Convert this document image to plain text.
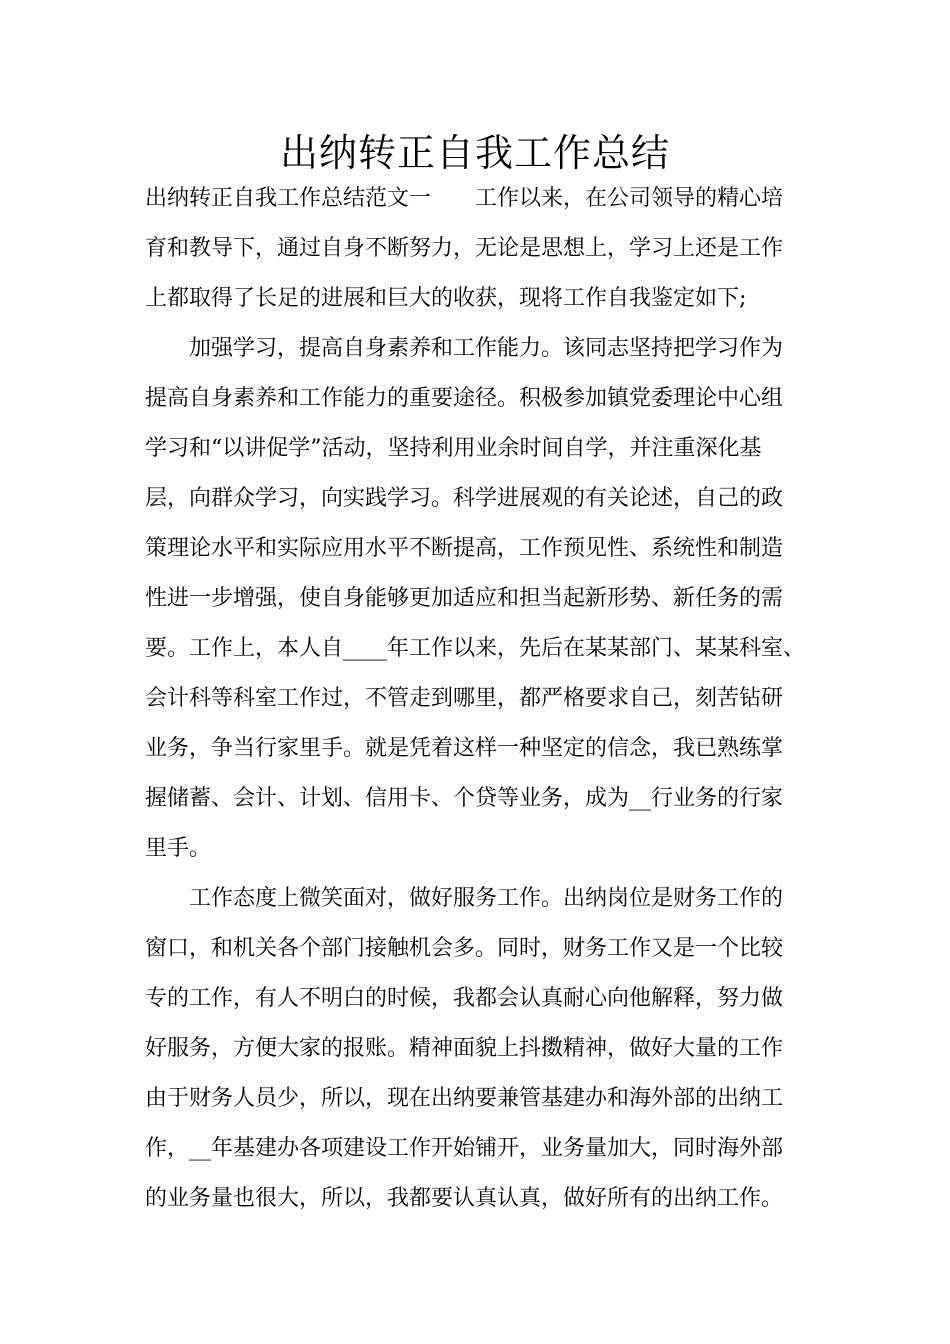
出纳转正自我工作总结

出纳转正自我工作总结范文一　　工作以来，在公司领导的精心培

育和教导下，通过自身不断努力，无论是思想上，学习上还是工作

上都取得了长足的进展和巨大的收获，现将工作自我鉴定如下;

加强学习，提高自身素养和工作能力。该同志坚持把学习作为

提高自身素养和工作能力的重要途径。积极参加镇党委理论中心组

学习和“以讲促学”活动，坚持利用业余时间自学，并注重深化基

层，向群众学习，向实践学习。科学进展观的有关论述，自己的政

策理论水平和实际应用水平不断提高，工作预见性、系统性和制造

性进一步增强，使自身能够更加适应和担当起新形势、新任务的需

要。工作上，本人自____年工作以来，先后在某某部门、某某科室、

会计科等科室工作过，不管走到哪里，都严格要求自己，刻苦钻研

业务，争当行家里手。就是凭着这样一种坚定的信念，我已熟练掌

握储蓄、会计、计划、信用卡、个贷等业务，成为__行业务的行家

里手。

工作态度上微笑面对，做好服务工作。出纳岗位是财务工作的

窗口，和机关各个部门接触机会多。同时，财务工作又是一个比较

专的工作，有人不明白的时候，我都会认真耐心向他解释，努力做

好服务，方便大家的报账。精神面貌上抖擞精神，做好大量的工作

由于财务人员少，所以，现在出纳要兼管基建办和海外部的出纳工

作，__年基建办各项建设工作开始铺开，业务量加大，同时海外部

的业务量也很大，所以，我都要认真认真，做好所有的出纳工作。
